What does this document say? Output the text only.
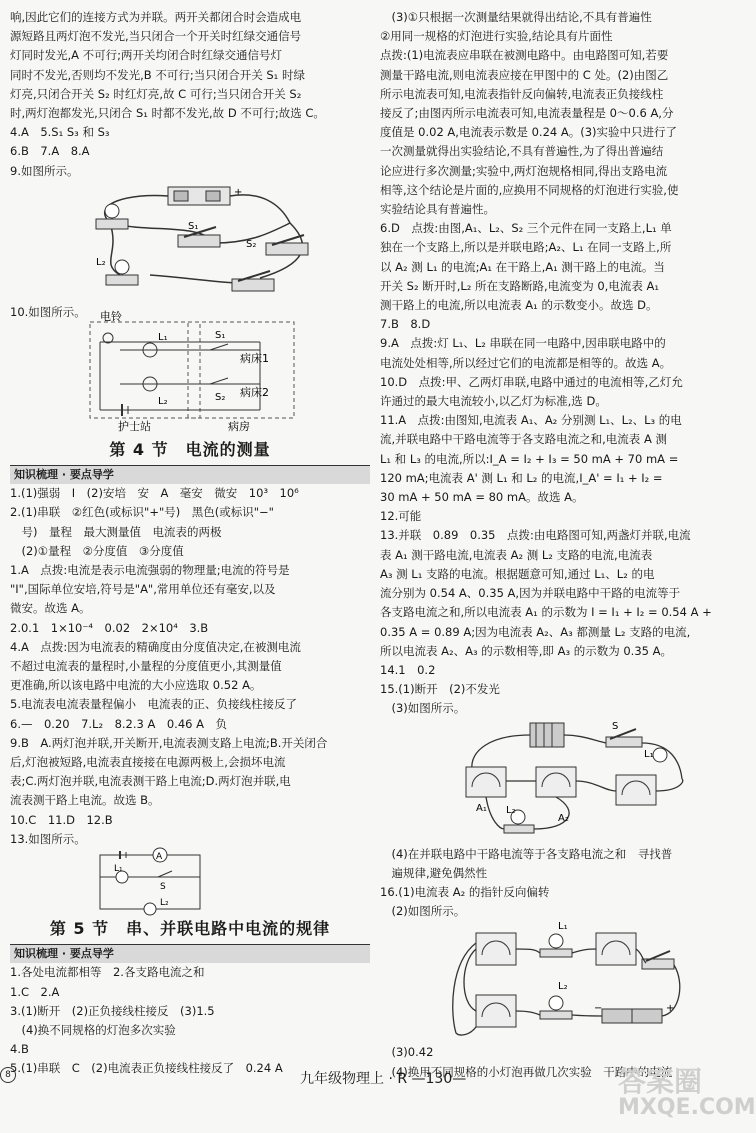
响,因此它们的连接方式为并联。两开关都闭合时会造成电

源短路且两灯泡不发光,当只闭合一个开关时红绿交通信号

灯同时发光,A 不可行;两开关均闭合时红绿交通信号灯

同时不发光,否则均不发光,B 不可行;当只闭合开关 S₁ 时绿

灯亮,只闭合开关 S₂ 时红灯亮,故 C 可行;当只闭合开关 S₂

时,两灯泡都发光,只闭合 S₁ 时都不发光,故 D 不可行;故选 C。

4.A　5.S₁ S₃ 和 S₃

6.B　7.A　8.A

9.如图所示。

+
S₁
S₂
L₂

10.如图所示。	电铃
L₁
L₂
S₁
S₂
病床1
病床2
护士站	病房
第 4 节　电流的测量
知识梳理 · 要点导学

1.(1)强弱　I　(2)安培　安　A　毫安　微安　10³　10⁶

2.(1)串联　②红色(或标识"+"号)　黑色(或标识"−"

　号)　量程　最大测量值　电流表的两极

　(2)①量程　②分度值　③分度值

1.A　点拨:电流是表示电流强弱的物理量;电流的符号是

"I",国际单位安培,符号是"A",常用单位还有毫安,以及

微安。故选 A。

2.0.1　1×10⁻⁴　0.02　2×10⁴　3.B

4.A　点拨:因为电流表的精确度由分度值决定,在被测电流

不超过电流表的量程时,小量程的分度值更小,其测量值

更准确,所以该电路中电流的大小应选取 0.52 A。

5.电流表电流表量程偏小　电流表的正、负接线柱接反了

6.—　0.20　7.L₂　8.2.3 A　0.46 A　负

9.B　A.两灯泡并联,开关断开,电流表测支路上电流;B.开关闭合

后,灯泡被短路,电流表直接接在电源两极上,会损坏电流

表;C.两灯泡并联,电流表测干路上电流;D.两灯泡并联,电

流表测干路上电流。故选 B。

10.C　11.D　12.B

13.如图所示。

A
L₁
S
L₂
第 5 节　串、并联电路中电流的规律
知识梳理 · 要点导学

1.各处电流都相等　2.各支路电流之和

1.C　2.A

3.(1)断开　(2)正负接线柱接反　(3)1.5

　(4)换不同规格的灯泡多次实验

4.B

5.(1)串联　C　(2)电流表正负接线柱接反了　0.24 A

　(3)①只根据一次测量结果就得出结论,不具有普遍性

②用同一规格的灯泡进行实验,结论具有片面性

点拨:(1)电流表应串联在被测电路中。由电路图可知,若要

测量干路电流,则电流表应接在甲图中的 C 处。(2)由图乙

所示电流表可知,电流表指针反向偏转,电流表正负接线柱

接反了;由图丙所示电流表可知,电流表量程是 0～0.6 A,分

度值是 0.02 A,电流表示数是 0.24 A。(3)实验中只进行了

一次测量就得出实验结论,不具有普遍性,为了得出普遍结

论应进行多次测量;实验中,两灯泡规格相同,得出支路电流

相等,这个结论是片面的,应换用不同规格的灯泡进行实验,使

实验结论具有普遍性。

6.D　点拨:由图,A₁、L₂、S₂ 三个元件在同一支路上,L₁ 单

独在一个支路上,所以是并联电路;A₂、L₁ 在同一支路上,所

以 A₂ 测 L₁ 的电流;A₁ 在干路上,A₁ 测干路上的电流。当

开关 S₂ 断开时,L₂ 所在支路断路,电流变为 0,电流表 A₁

测干路上的电流,所以电流表 A₁ 的示数变小。故选 D。

7.B　8.D

9.A　点拨:灯 L₁、L₂ 串联在同一电路中,因串联电路中的

电流处处相等,所以经过它们的电流都是相等的。故选 A。

10.D　点拨:甲、乙两灯串联,电路中通过的电流相等,乙灯允

许通过的最大电流较小,以乙灯为标准,选 D。

11.A　点拨:由图知,电流表 A₁、A₂ 分别测 L₁、L₂、L₃ 的电

流,并联电路中干路电流等于各支路电流之和,电流表 A 测

L₁ 和 L₃ 的电流,所以:I_A = I₂ + I₃ = 50 mA + 70 mA =

120 mA;电流表 A' 测 L₁ 和 L₂ 的电流,I_A' = I₁ + I₂ =

30 mA + 50 mA = 80 mA。故选 A。

12.可能

13.并联　0.89　0.35　点拨:由电路图可知,两盏灯并联,电流

表 A₁ 测干路电流,电流表 A₂ 测 L₂ 支路的电流,电流表

A₃ 测 L₁ 支路的电流。根据题意可知,通过 L₁、L₂ 的电

流分别为 0.54 A、0.35 A,因为并联电路中干路的电流等于

各支路电流之和,所以电流表 A₁ 的示数为 I = I₁ + I₂ = 0.54 A +

0.35 A = 0.89 A;因为电流表 A₂、A₃ 都测量 L₂ 支路的电流,

所以电流表 A₂、A₃ 的示数相等,即 A₃ 的示数为 0.35 A。

14.1　0.2

15.(1)断开　(2)不发光

　(3)如图所示。

S
A₁
L₁
L₂
A₂

　(4)在并联电路中干路电流等于各支路电流之和　寻找普

　遍规律,避免偶然性

16.(1)电流表 A₂ 的指针反向偏转

　(2)如图所示。

L₁
L₂
+
−

　(3)0.42

　(4)换用不同规格的小灯泡再做几次实验　干路中的电流

8	九年级物理上 · R —130—	答案圈
MXQE.COM
